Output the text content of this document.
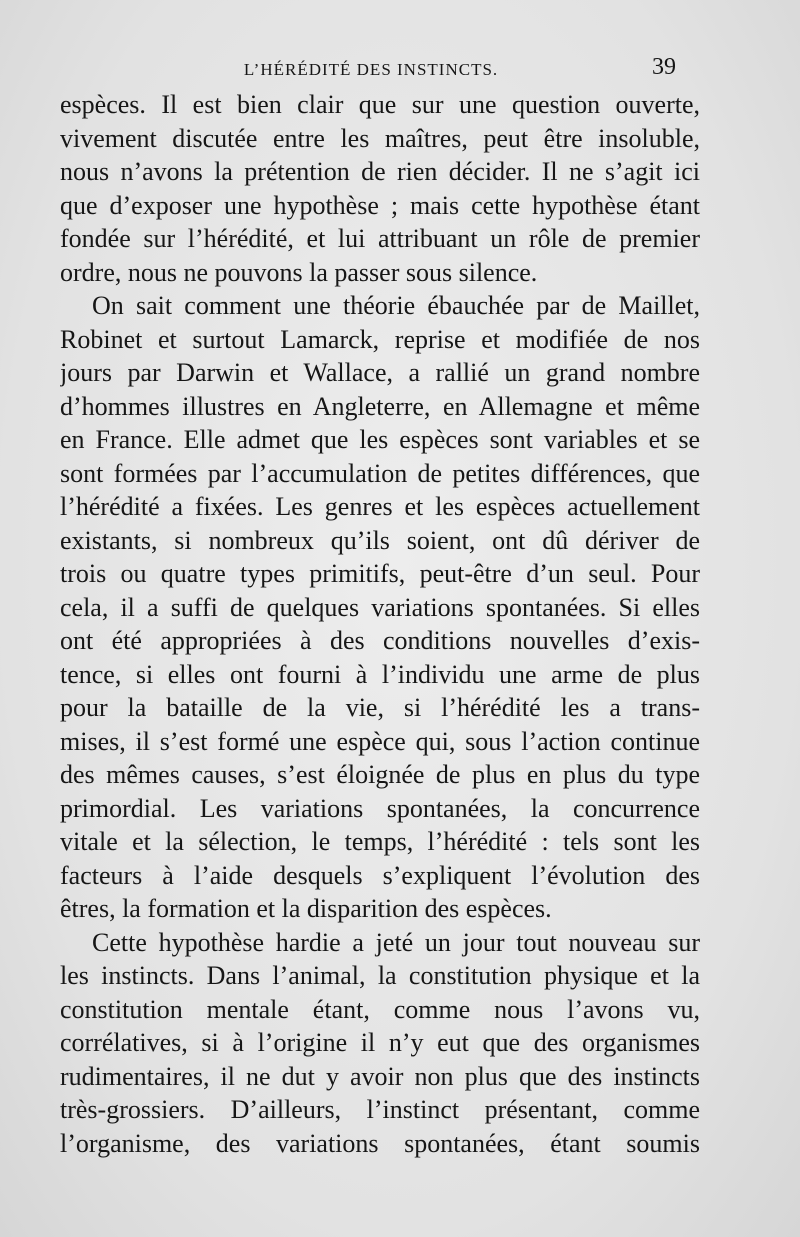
L’HÉRÉDITÉ DES INSTINCTS.	39
espèces. Il est bien clair que sur une question ouverte,
vivement discutée entre les maîtres, peut être insoluble,
nous n’avons la prétention de rien décider. Il ne s’agit ici
que d’exposer une hypothèse ; mais cette hypothèse étant
fondée sur l’hérédité, et lui attribuant un rôle de premier
ordre, nous ne pouvons la passer sous silence.
On sait comment une théorie ébauchée par de Maillet,
Robinet et surtout Lamarck, reprise et modifiée de nos
jours par Darwin et Wallace, a rallié un grand nombre
d’hommes illustres en Angleterre, en Allemagne et même
en France. Elle admet que les espèces sont variables et se
sont formées par l’accumulation de petites différences, que
l’hérédité a fixées. Les genres et les espèces actuellement
existants, si nombreux qu’ils soient, ont dû dériver de
trois ou quatre types primitifs, peut-être d’un seul. Pour
cela, il a suffi de quelques variations spontanées. Si elles
ont été appropriées à des conditions nouvelles d’exis-
tence, si elles ont fourni à l’individu une arme de plus
pour la bataille de la vie, si l’hérédité les a trans-
mises, il s’est formé une espèce qui, sous l’action continue
des mêmes causes, s’est éloignée de plus en plus du type
primordial. Les variations spontanées, la concurrence
vitale et la sélection, le temps, l’hérédité : tels sont les
facteurs à l’aide desquels s’expliquent l’évolution des
êtres, la formation et la disparition des espèces.
Cette hypothèse hardie a jeté un jour tout nouveau sur
les instincts. Dans l’animal, la constitution physique et la
constitution mentale étant, comme nous l’avons vu,
corrélatives, si à l’origine il n’y eut que des organismes
rudimentaires, il ne dut y avoir non plus que des instincts
très-grossiers. D’ailleurs, l’instinct présentant, comme
l’organisme, des variations spontanées, étant soumis
